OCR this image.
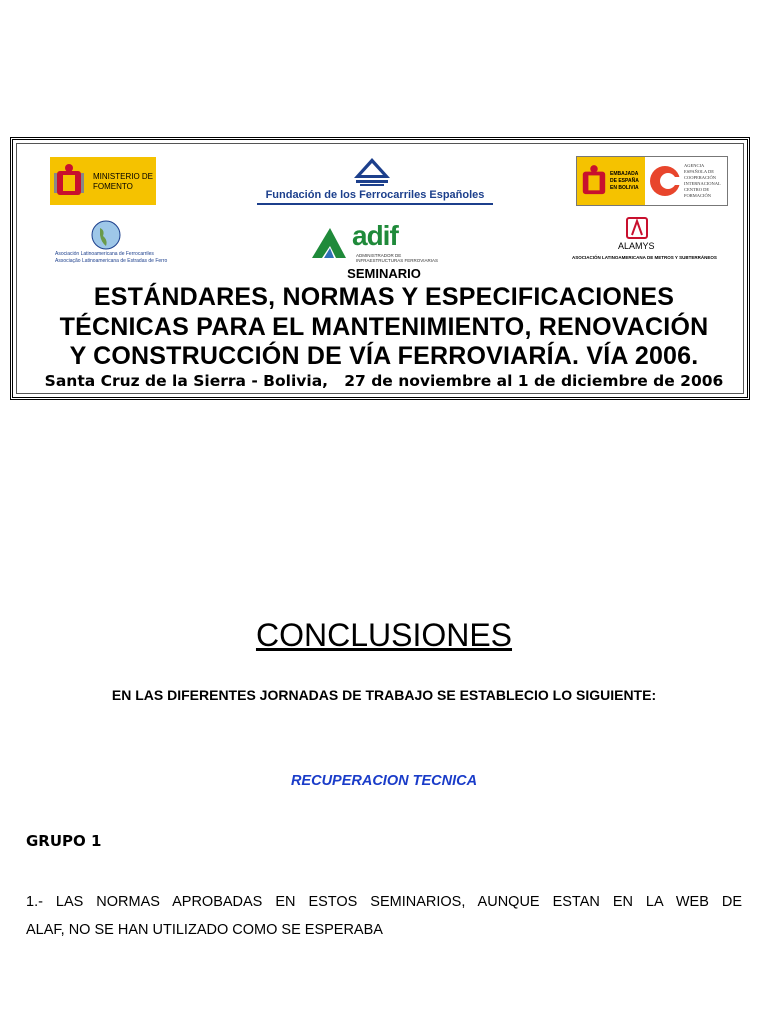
MINISTERIO DE FOMENTO
Fundación de los Ferrocarriles Españoles
EMBAJADA DE ESPAÑA EN BOLIVIA
AGENCIA ESPAÑOLA DE COOPERACIÓN INTERNACIONAL CENTRO DE FORMACIÓN
Asociación Latinoamericana de Ferrocarriles
Associação Latinoamericana de Estradas de Ferro
adif
ADMINISTRADOR DE
INFRAESTRUCTURAS FERROVIARIAS
ALAMYS
ASOCIACIÓN LATINOAMERICANA DE METROS Y SUBTERRÁNEOS
SEMINARIO
ESTÁNDARES, NORMAS Y ESPECIFICACIONES
TÉCNICAS PARA EL MANTENIMIENTO, RENOVACIÓN
Y CONSTRUCCIÓN DE VÍA FERROVIARÍA. VÍA 2006.
Santa Cruz de la Sierra - Bolivia,   27 de noviembre al 1 de diciembre de 2006
CONCLUSIONES
EN LAS DIFERENTES JORNADAS DE TRABAJO SE ESTABLECIO LO SIGUIENTE:
RECUPERACION TECNICA
GRUPO 1
1.- LAS NORMAS APROBADAS EN ESTOS SEMINARIOS, AUNQUE ESTAN EN LA WEB DE
ALAF, NO SE HAN UTILIZADO COMO SE ESPERABA
